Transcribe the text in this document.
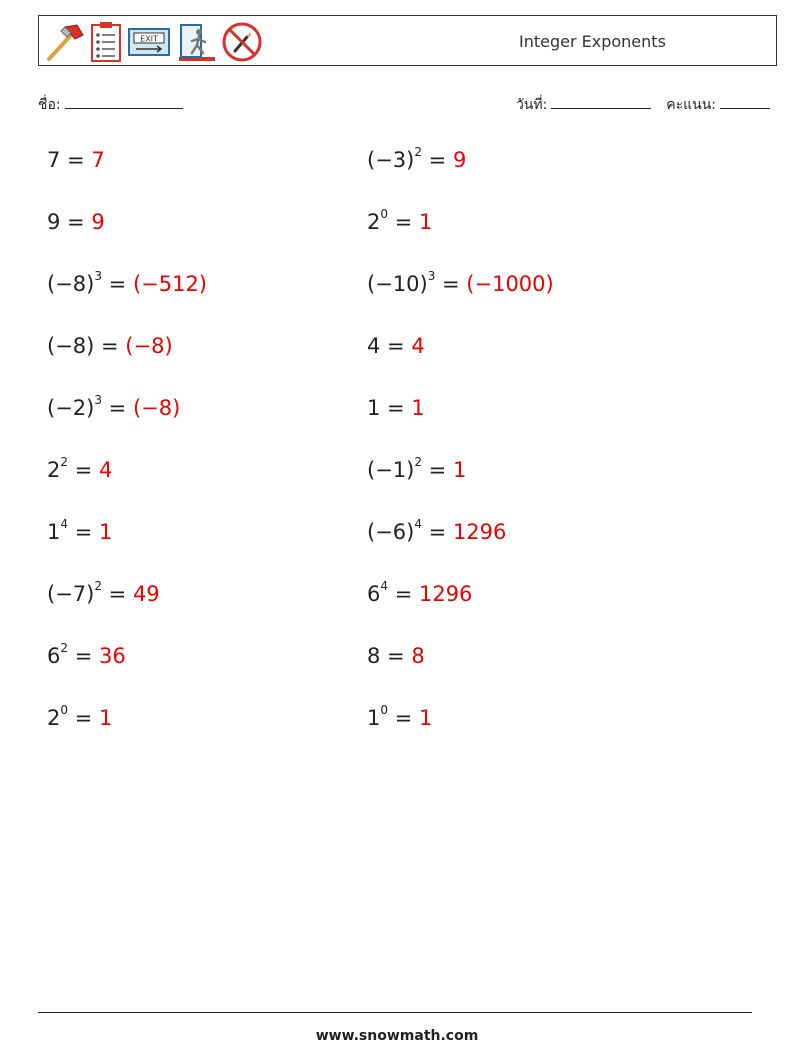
EXIT	Integer Exponents
ชื่อ:	วันที่:	คะแนน:
7 = 7	$(-3)^2 = 9$
9 = 9	$2^0 = 1$
$(-8)^3 = (-512)$	$(-10)^3 = (-1000)$
(−8) = (−8)	4 = 4
$(-2)^3 = (-8)$	1 = 1
$2^2 = 4$	$(-1)^2 = 1$
$1^4 = 1$	$(-6)^4 = 1296$
$(-7)^2 = 49$	$6^4 = 1296$
$6^2 = 36$	8 = 8
$2^0 = 1$	$1^0 = 1$
www.snowmath.com
